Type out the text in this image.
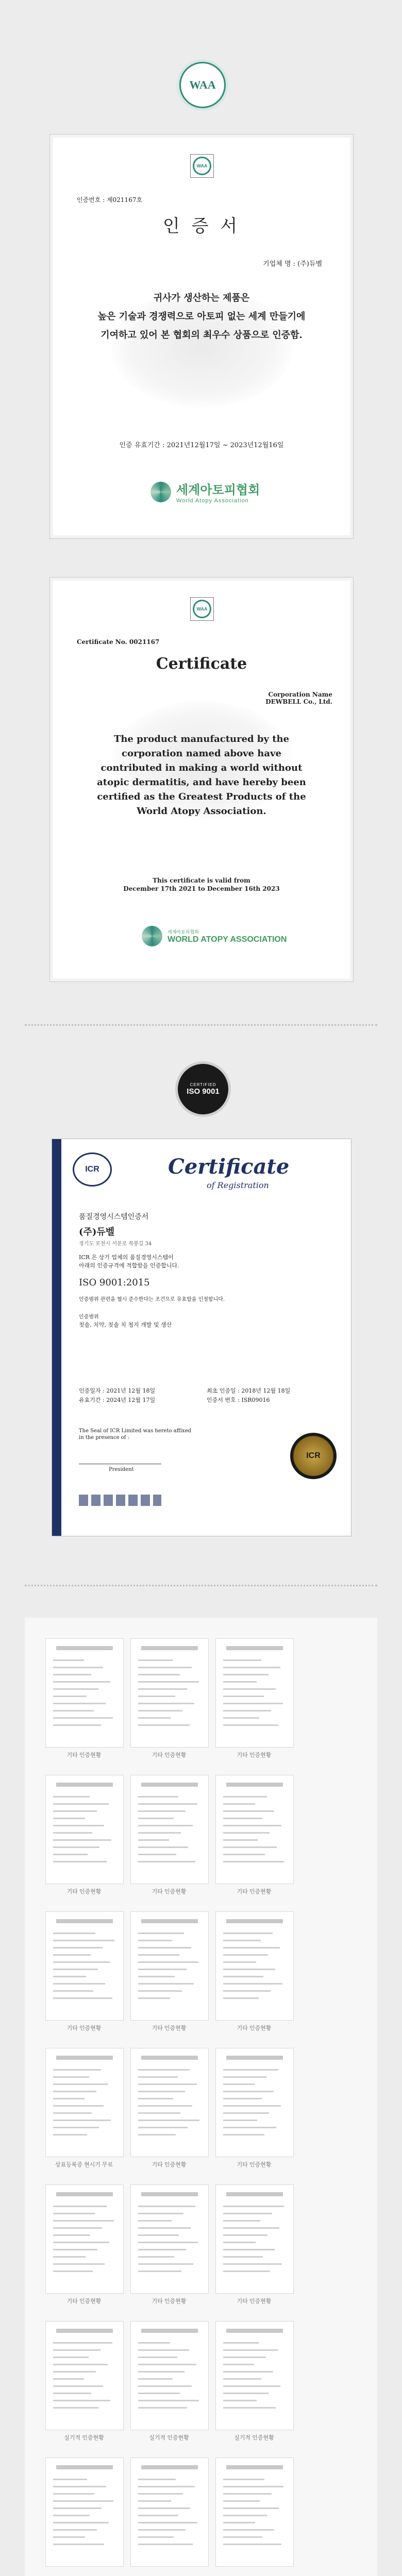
WAA
WAA
인증번호 : 제021167호
인 증 서
기업체 명 : (주)듀벨
귀사가 생산하는 제품은
높은 기술과 경쟁력으로 아토피 없는 세계 만들기에
기여하고 있어 본 협회의 최우수 상품으로 인증함.
인증 유효기간 : 2021년12월17일 ~ 2023년12월16일
세계아토피협회
World Atopy Association
WAA
Certificate No. 0021167
Certificate
Corporation Name
DEWBELL Co., Ltd.
The product manufactured by the
corporation named above have
contributed in making a world without
atopic dermatitis, and have hereby been
certified as the Greatest Products of the
World Atopy Association.
This certificate is valid from
December 17th 2021 to December 16th 2023
세계아토피협회
WORLD ATOPY ASSOCIATION
CERTIFIED
ISO 9001
ICR	Certificate
of Registration
품질경영시스템인증서
(주)듀벨
경기도 포천시 서문로 목봉길 34
ICR 은 상기 업체의 품질경영시스템이
아래의 인증규격에 적합함을 인증합니다.
ISO 9001:2015
인증범위 관련을 협시 준수한다는 조건으로 유효함을 인정합니다.
인증범위
칫솔, 치약, 칫솔 치 청지 개발 및 생산
인증일자 : 2021년 12월 18일
유효기간 : 2024년 12월 17일
최초 인증일 : 2018년 12월 18일
인증서 번호 : ISR09016
The Seal of ICR Limited was hereto affixed in the presence of :
President
ICR
기타 인증현황	기타 인증현황	기타 인증현황
기타 인증현황	기타 인증현황	기타 인증현황
기타 인증현황	기타 인증현황	기타 인증현황
상표등록증 현시기 무료	기타 인증현황	기타 인증현황
기타 인증현황	기타 인증현황	기타 인증현황
실기적 인증현황	실기적 인증현황	실기적 인증현황
